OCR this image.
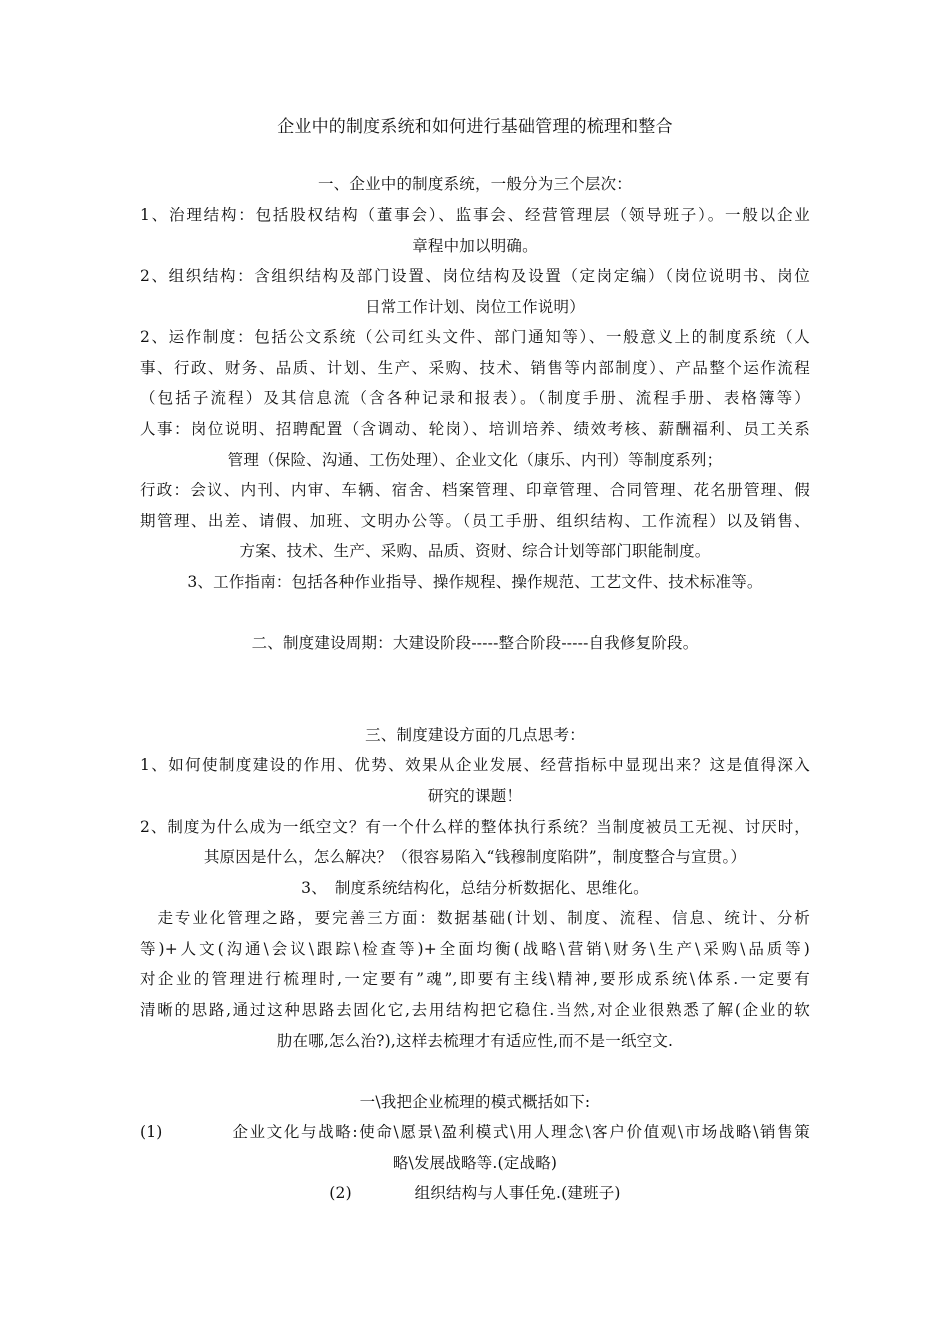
企业中的制度系统和如何进行基础管理的梳理和整合
一、企业中的制度系统，一般分为三个层次：
1、治理结构：包括股权结构（董事会）、监事会、经营管理层（领导班子）。一般以企业
章程中加以明确。
2、组织结构：含组织结构及部门设置、岗位结构及设置（定岗定编）（岗位说明书、岗位
日常工作计划、岗位工作说明）
2、运作制度：包括公文系统（公司红头文件、部门通知等）、一般意义上的制度系统（人
事、行政、财务、品质、计划、生产、采购、技术、销售等内部制度）、产品整个运作流程
（包括子流程）及其信息流（含各种记录和报表）。（制度手册、流程手册、表格簿等）
人事：岗位说明、招聘配置（含调动、轮岗）、培训培养、绩效考核、薪酬福利、员工关系
管理（保险、沟通、工伤处理）、企业文化（康乐、内刊）等制度系列；
行政：会议、内刊、内审、车辆、宿舍、档案管理、印章管理、合同管理、花名册管理、假
期管理、出差、请假、加班、文明办公等。（员工手册、组织结构、工作流程）以及销售、
方案、技术、生产、采购、品质、资财、综合计划等部门职能制度。
3、工作指南：包括各种作业指导、操作规程、操作规范、工艺文件、技术标准等。
二、制度建设周期：大建设阶段-----整合阶段-----自我修复阶段。
三、制度建设方面的几点思考：
1、如何使制度建设的作用、优势、效果从企业发展、经营指标中显现出来？这是值得深入
研究的课题！
2、制度为什么成为一纸空文？有一个什么样的整体执行系统？当制度被员工无视、讨厌时，
其原因是什么，怎么解决？（很容易陷入“钱穆制度陷阱”，制度整合与宣贯。）
3、　制度系统结构化，总结分析数据化、思维化。
　走专业化管理之路，要完善三方面：数据基础(计划、制度、流程、信息、统计、分析
等)+人文(沟通\会议\跟踪\检查等)+全面均衡(战略\营销\财务\生产\采购\品质等)
对企业的管理进行梳理时,一定要有”魂”,即要有主线\精神,要形成系统\体系.一定要有
清晰的思路,通过这种思路去固化它,去用结构把它稳住.当然,对企业很熟悉了解(企业的软
肋在哪,怎么治?),这样去梳理才有适应性,而不是一纸空文.
一\我把企业梳理的模式概括如下:
(1)　　　　企业文化与战略:使命\愿景\盈利模式\用人理念\客户价值观\市场战略\销售策
略\发展战略等.(定战略)
(2)　　　　组织结构与人事任免.(建班子)
